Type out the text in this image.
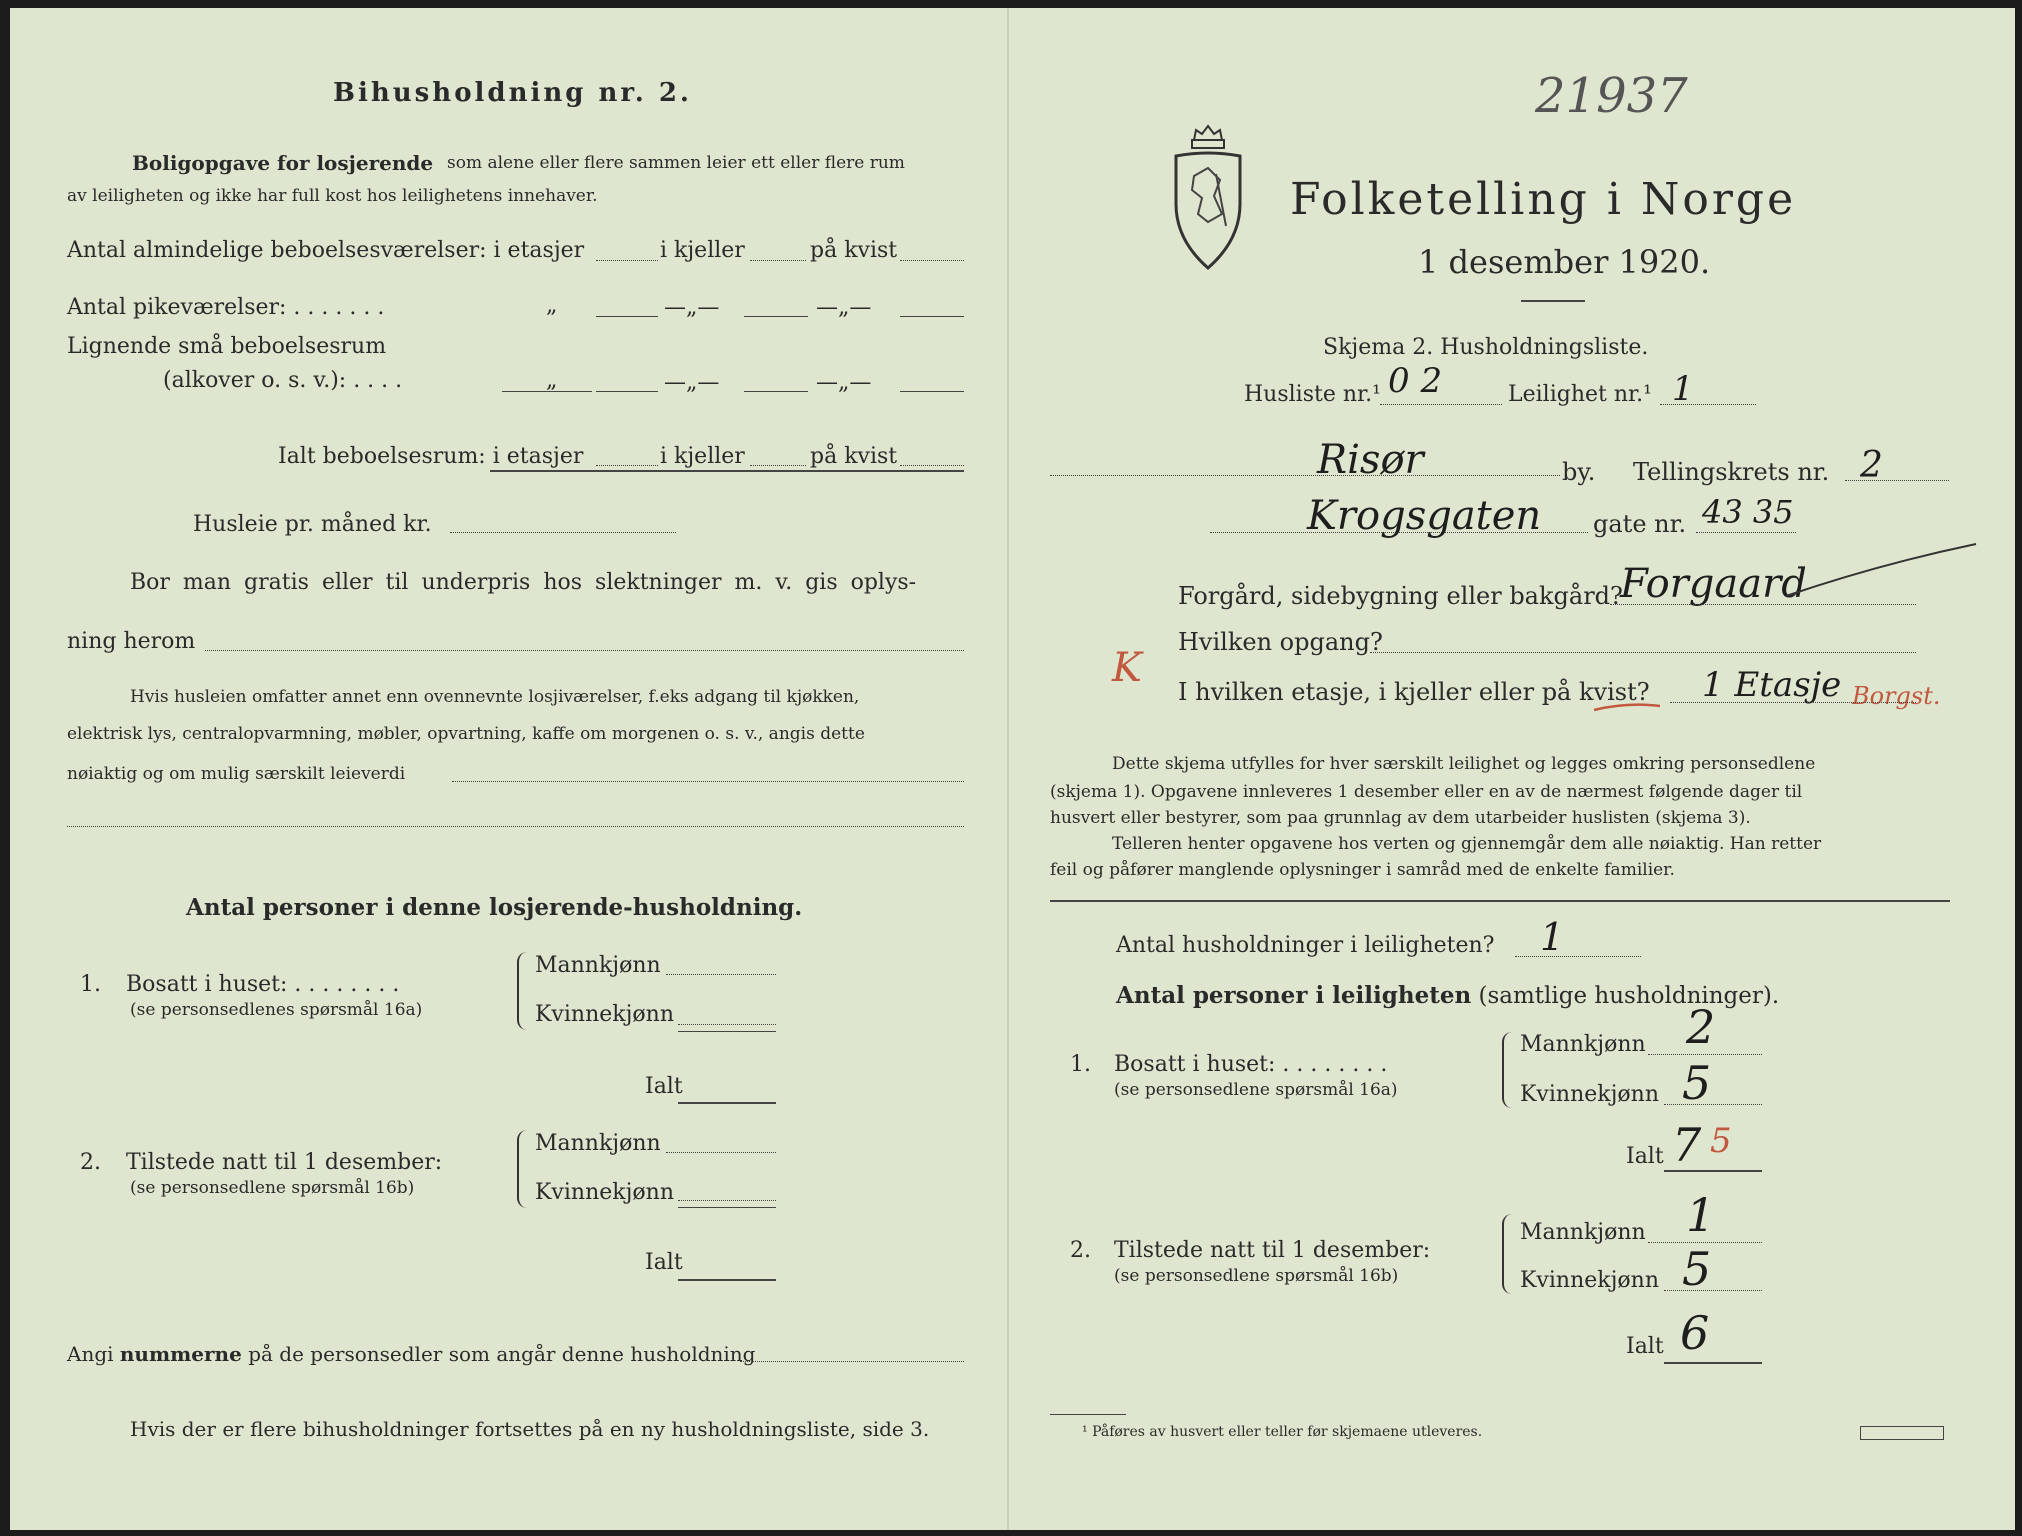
Bihusholdning nr. 2.
Boligopgave for losjerende som alene eller flere sammen leier ett eller flere rum
av leiligheten og ikke har full kost hos leilighetens innehaver.
Antal almindelige beboelsesværelser: i etasjer	i kjeller	på kvist
Antal pikeværelser: . . . . . . .	„	—„—	—„—
Lignende små beboelsesrum
(alkover o. s. v.): . . . .	„	—„—	—„—
Ialt beboelsesrum: i etasjer	i kjeller	på kvist
Husleie pr. måned kr.
Bor man gratis eller til underpris hos slektninger m. v. gis oplys-
ning herom
Hvis husleien omfatter annet enn ovennevnte losjiværelser, f.eks adgang til kjøkken,
elektrisk lys, centralopvarmning, møbler, opvartning, kaffe om morgenen o. s. v., angis dette
nøiaktig og om mulig særskilt leieverdi
Antal personer i denne losjerende-husholdning.
1. Bosatt i huset: . . . . . . . .
(se personsedlenes spørsmål 16a)
Mannkjønn
Kvinnekjønn
Ialt
2. Tilstede natt til 1 desember:
(se personsedlene spørsmål 16b)
Mannkjønn
Kvinnekjønn
Ialt
Angi nummerne på de personsedler som angår denne husholdning
Hvis der er flere bihusholdninger fortsettes på en ny husholdningsliste, side 3.
21937
Folketelling i Norge
1 desember 1920.
Skjema 2. Husholdningsliste.
Husliste nr.¹ 0 2	Leilighet nr.¹ 1
Risør	by. Tellingskrets nr. 2
Krogsgaten gate nr. 43 35
Forgård, sidebygning eller bakgård?
Forgaard
Hvilken opgang?
K
I hvilken etasje, i kjeller eller på kvist? 1 Etasje Borgst.
Dette skjema utfylles for hver særskilt leilighet og legges omkring personsedlene
(skjema 1). Opgavene innleveres 1 desember eller en av de nærmest følgende dager til
husvert eller bestyrer, som paa grunnlag av dem utarbeider huslisten (skjema 3).
Telleren henter opgavene hos verten og gjennemgår dem alle nøiaktig. Han retter
feil og påfører manglende oplysninger i samråd med de enkelte familier.
Antal husholdninger i leiligheten? 1
Antal personer i leiligheten (samtlige husholdninger).
1. Bosatt i huset: . . . . . . . .
(se personsedlene spørsmål 16a)
Mannkjønn 2
Kvinnekjønn 5
Ialt 7 5
2. Tilstede natt til 1 desember:
(se personsedlene spørsmål 16b)
Mannkjønn 1
Kvinnekjønn 5
Ialt 6
¹ Påføres av husvert eller teller før skjemaene utleveres.
